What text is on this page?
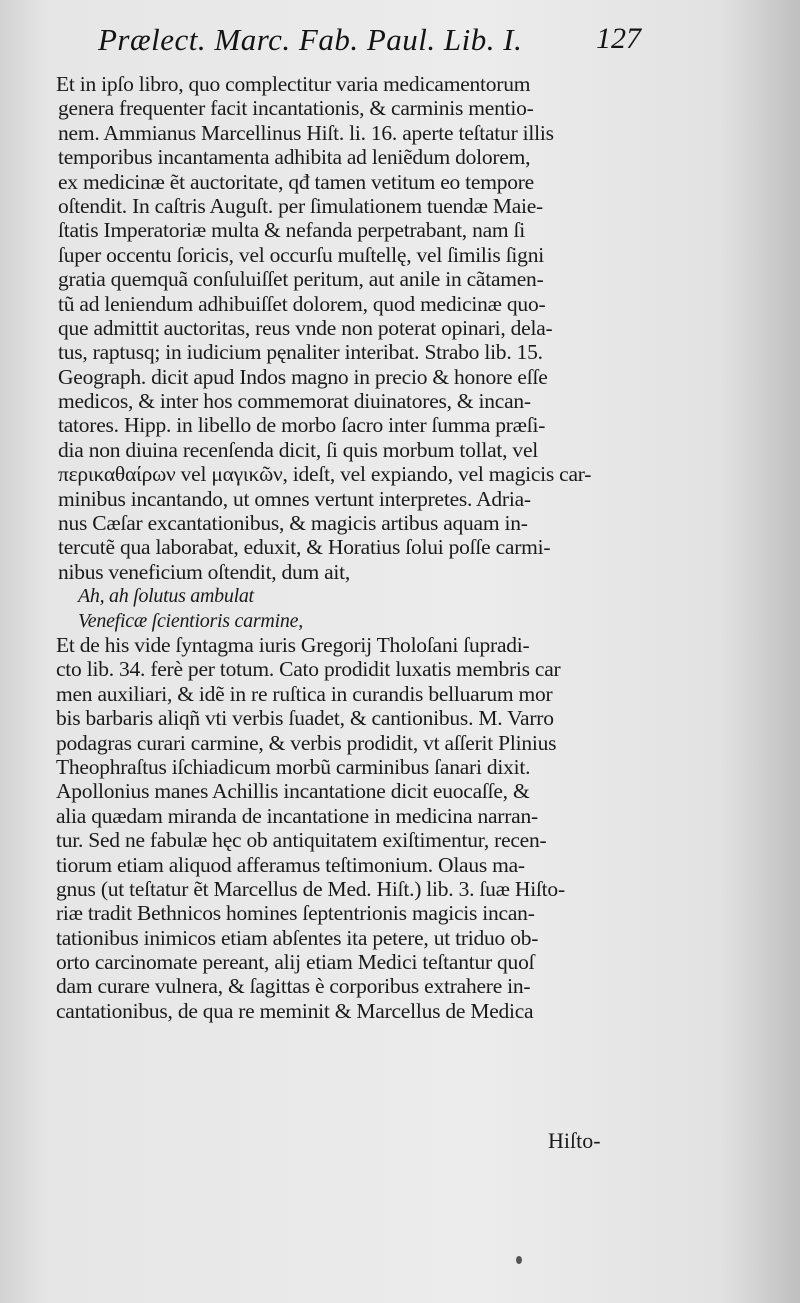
Prælect. Marc. Fab. Paul. Lib. I. 127
Et in ipſo libro, quo complectitur varia medicamentorum
genera frequenter facit incantationis, & carminis mentio-
nem. Ammianus Marcellinus Hiſt. li. 16. aperte teſtatur illis
temporibus incantamenta adhibita ad leniẽdum dolorem,
ex medicinæ ẽt auctoritate, qđ tamen vetitum eo tempore
oſtendit. In caſtris Auguſt. per ſimulationem tuendæ Maie-
ſtatis Imperatoriæ multa & nefanda perpetrabant, nam ſi
ſuper occentu ſoricis, vel occurſu muſtellę, vel ſimilis ſigni
gratia quemquã conſuluiſſet peritum, aut anile in cãtamen-
tũ ad leniendum adhibuiſſet dolorem, quod medicinæ quo-
que admittit auctoritas, reus vnde non poterat opinari, dela-
tus, raptusq; in iudicium pęnaliter interibat. Strabo lib. 15.
Geograph. dicit apud Indos magno in precio & honore eſſe
medicos, & inter hos commemorat diuinatores, & incan-
tatores. Hipp. in libello de morbo ſacro inter ſumma præſi-
dia non diuina recenſenda dicit, ſi quis morbum tollat, vel
περικαθαίρων vel μαγικῶν, ideſt, vel expiando, vel magicis car-
minibus incantando, ut omnes vertunt interpretes. Adria-
nus Cæſar excantationibus, & magicis artibus aquam in-
tercutẽ qua laborabat, eduxit, & Horatius ſolui poſſe carmi-
nibus veneficium oſtendit, dum ait,
Ah, ah ſolutus ambulat
Veneficæ ſcientioris carmine,
Et de his vide ſyntagma iuris Gregorij Tholoſani ſupradi-
cto lib. 34. ferè per totum. Cato prodidit luxatis membris car
men auxiliari, & idẽ in re ruſtica in curandis belluarum mor
bis barbaris aliqñ vti verbis ſuadet, & cantionibus. M. Varro
podagras curari carmine, & verbis prodidit, vt aſſerit Plinius
Theophraſtus iſchiadicum morbũ carminibus ſanari dixit.
Apollonius manes Achillis incantatione dicit euocaſſe, &
alia quædam miranda de incantatione in medicina narran-
tur. Sed ne fabulæ hęc ob antiquitatem exiſtimentur, recen-
tiorum etiam aliquod afferamus teſtimonium. Olaus ma-
gnus (ut teſtatur ẽt Marcellus de Med. Hiſt.) lib. 3. ſuæ Hiſto-
riæ tradit Bethnicos homines ſeptentrionis magicis incan-
tationibus inimicos etiam abſentes ita petere, ut triduo ob-
orto carcinomate pereant, alij etiam Medici teſtantur quoſ
dam curare vulnera, & ſagittas è corporibus extrahere in-
cantationibus, de qua re meminit & Marcellus de Medica
Hiſto-
